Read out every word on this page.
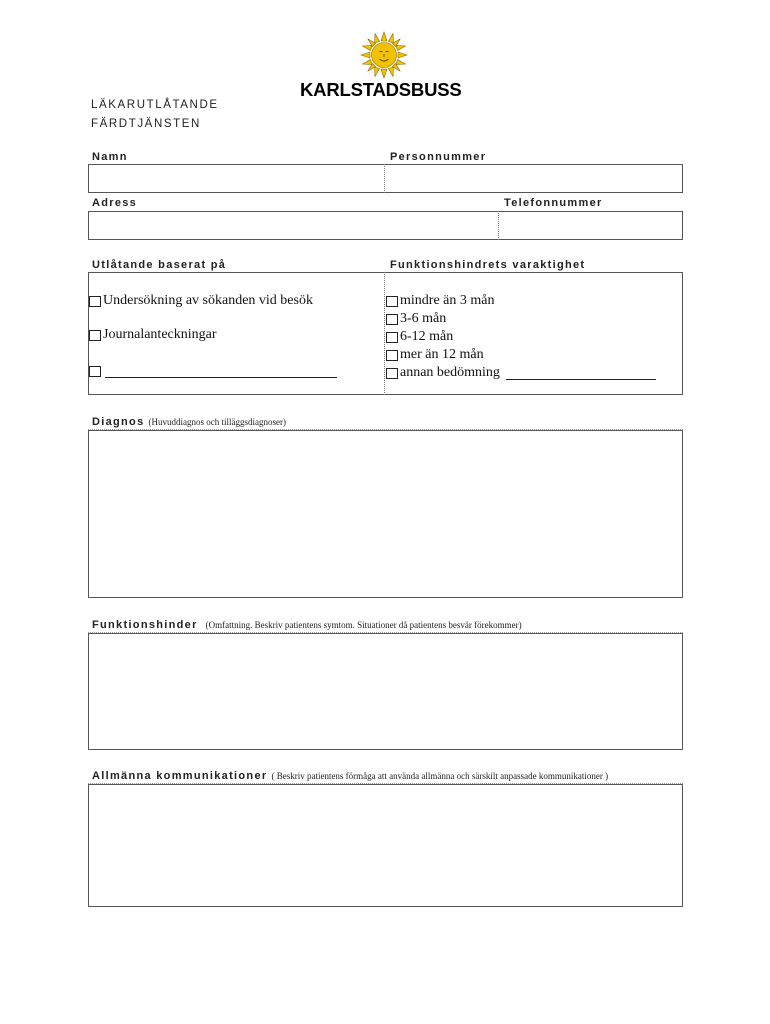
KARLSTADSBUSS
LÄKARUTLÅTANDE
FÄRDTJÄNSTEN
Namn	Personnummer
Adress	Telefonnummer
Utlåtande baserat på	Funktionshindrets varaktighet
Undersökning av sökanden vid besök
Journalanteckningar
mindre än 3 mån
3-6 mån
6-12 mån
mer än 12 mån
annan bedömning
Diagnos (Huvuddiagnos och tilläggsdiagnoser)
Funktionshinder (Omfattning. Beskriv patientens symtom. Situationer då patientens besvär förekommer)
Allmänna kommunikationer ( Beskriv patientens förmåga att använda allmänna och särskilt anpassade kommunikationer )
